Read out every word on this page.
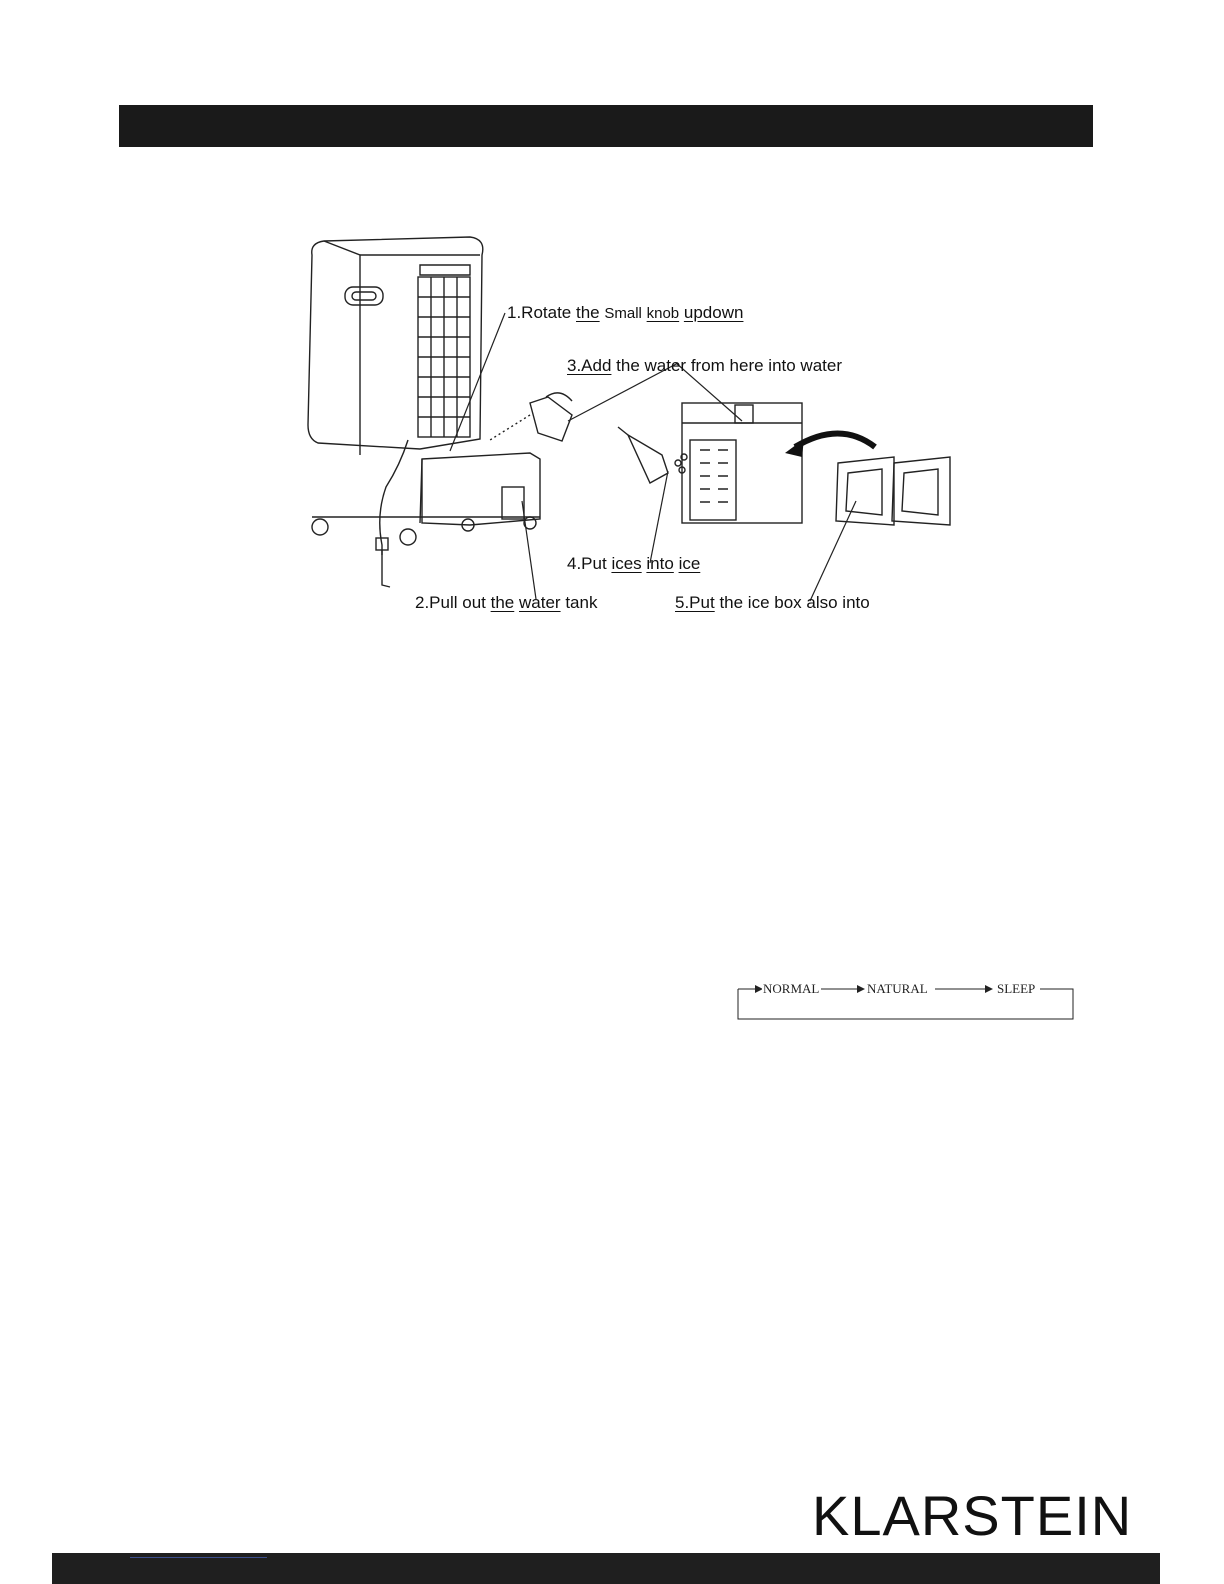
1.Rotate the Small knob updown
3.Add the water from here into water
4.Put ices into ice
2.Pull out the water tank	5.Put the ice box also into
NORMAL	NATURAL	SLEEP
KLARSTEIN
